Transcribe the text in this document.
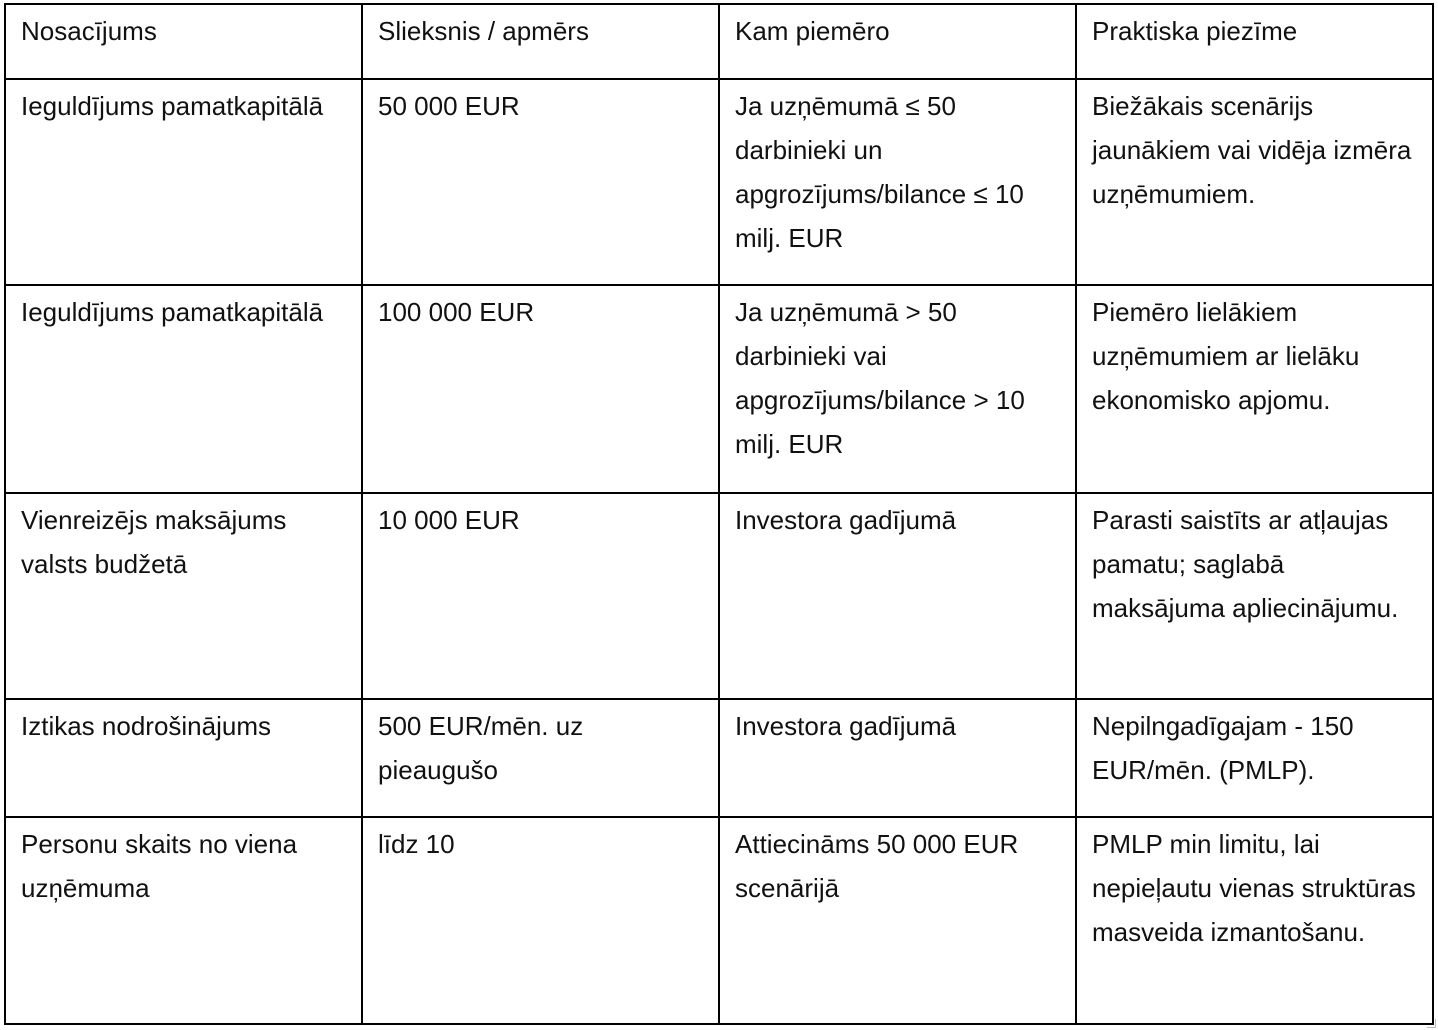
Nosacījums	Slieksnis / apmērs	Kam piemēro	Praktiska piezīme
Ieguldījums pamatkapitālā	50 000 EUR	Ja uzņēmumā ≤ 50 darbinieki un apgrozījums/bilance ≤ 10 milj. EUR	Biežākais scenārijs jaunākiem vai vidēja izmēra uzņēmumiem.
Ieguldījums pamatkapitālā	100 000 EUR	Ja uzņēmumā > 50 darbinieki vai apgrozījums/bilance > 10 milj. EUR	Piemēro lielākiem uzņēmumiem ar lielāku ekonomisko apjomu.
Vienreizējs maksājums valsts budžetā	10 000 EUR	Investora gadījumā	Parasti saistīts ar atļaujas pamatu; saglabā maksājuma apliecinājumu.
Iztikas nodrošinājums	500 EUR/mēn. uz pieaugušo	Investora gadījumā	Nepilngadīgajam - 150 EUR/mēn. (PMLP).
Personu skaits no viena uzņēmuma	līdz 10	Attiecināms 50 000 EUR scenārijā	PMLP min limitu, lai nepieļautu vienas struktūras masveida izmantošanu.
